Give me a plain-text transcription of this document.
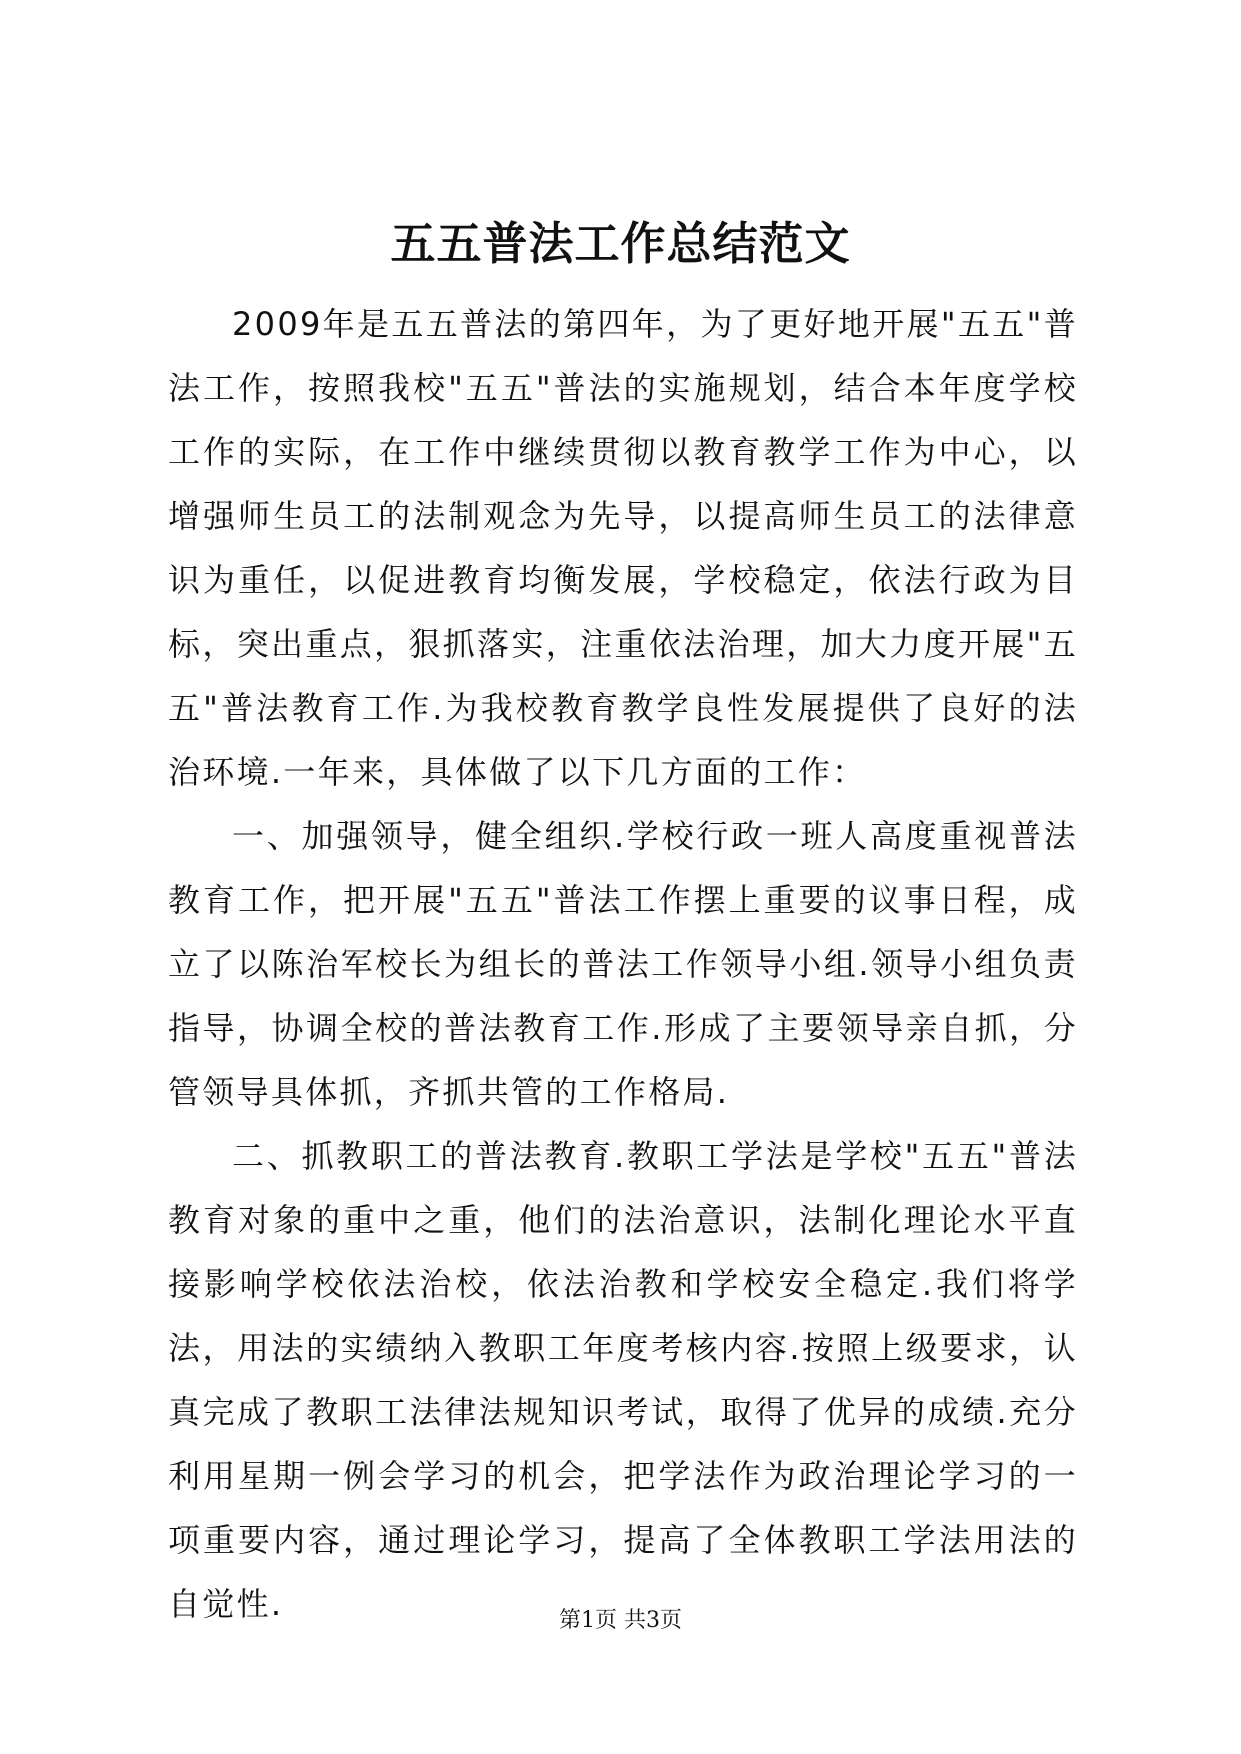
五五普法工作总结范文

2009年是五五普法的第四年，为了更好地开展"五五"普法工作，按照我校"五五"普法的实施规划，结合本年度学校工作的实际，在工作中继续贯彻以教育教学工作为中心，以增强师生员工的法制观念为先导，以提高师生员工的法律意识为重任，以促进教育均衡发展，学校稳定，依法行政为目标，突出重点，狠抓落实，注重依法治理，加大力度开展"五五"普法教育工作.为我校教育教学良性发展提供了良好的法治环境.一年来，具体做了以下几方面的工作：

一、加强领导，健全组织.学校行政一班人高度重视普法教育工作，把开展"五五"普法工作摆上重要的议事日程，成立了以陈治军校长为组长的普法工作领导小组.领导小组负责指导，协调全校的普法教育工作.形成了主要领导亲自抓，分管领导具体抓，齐抓共管的工作格局.

二、抓教职工的普法教育.教职工学法是学校"五五"普法教育对象的重中之重，他们的法治意识，法制化理论水平直接影响学校依法治校，依法治教和学校安全稳定.我们将学法，用法的实绩纳入教职工年度考核内容.按照上级要求，认真完成了教职工法律法规知识考试，取得了优异的成绩.充分利用星期一例会学习的机会，把学法作为政治理论学习的一项重要内容，通过理论学习，提高了全体教职工学法用法的自觉性.	第1页 共3页
